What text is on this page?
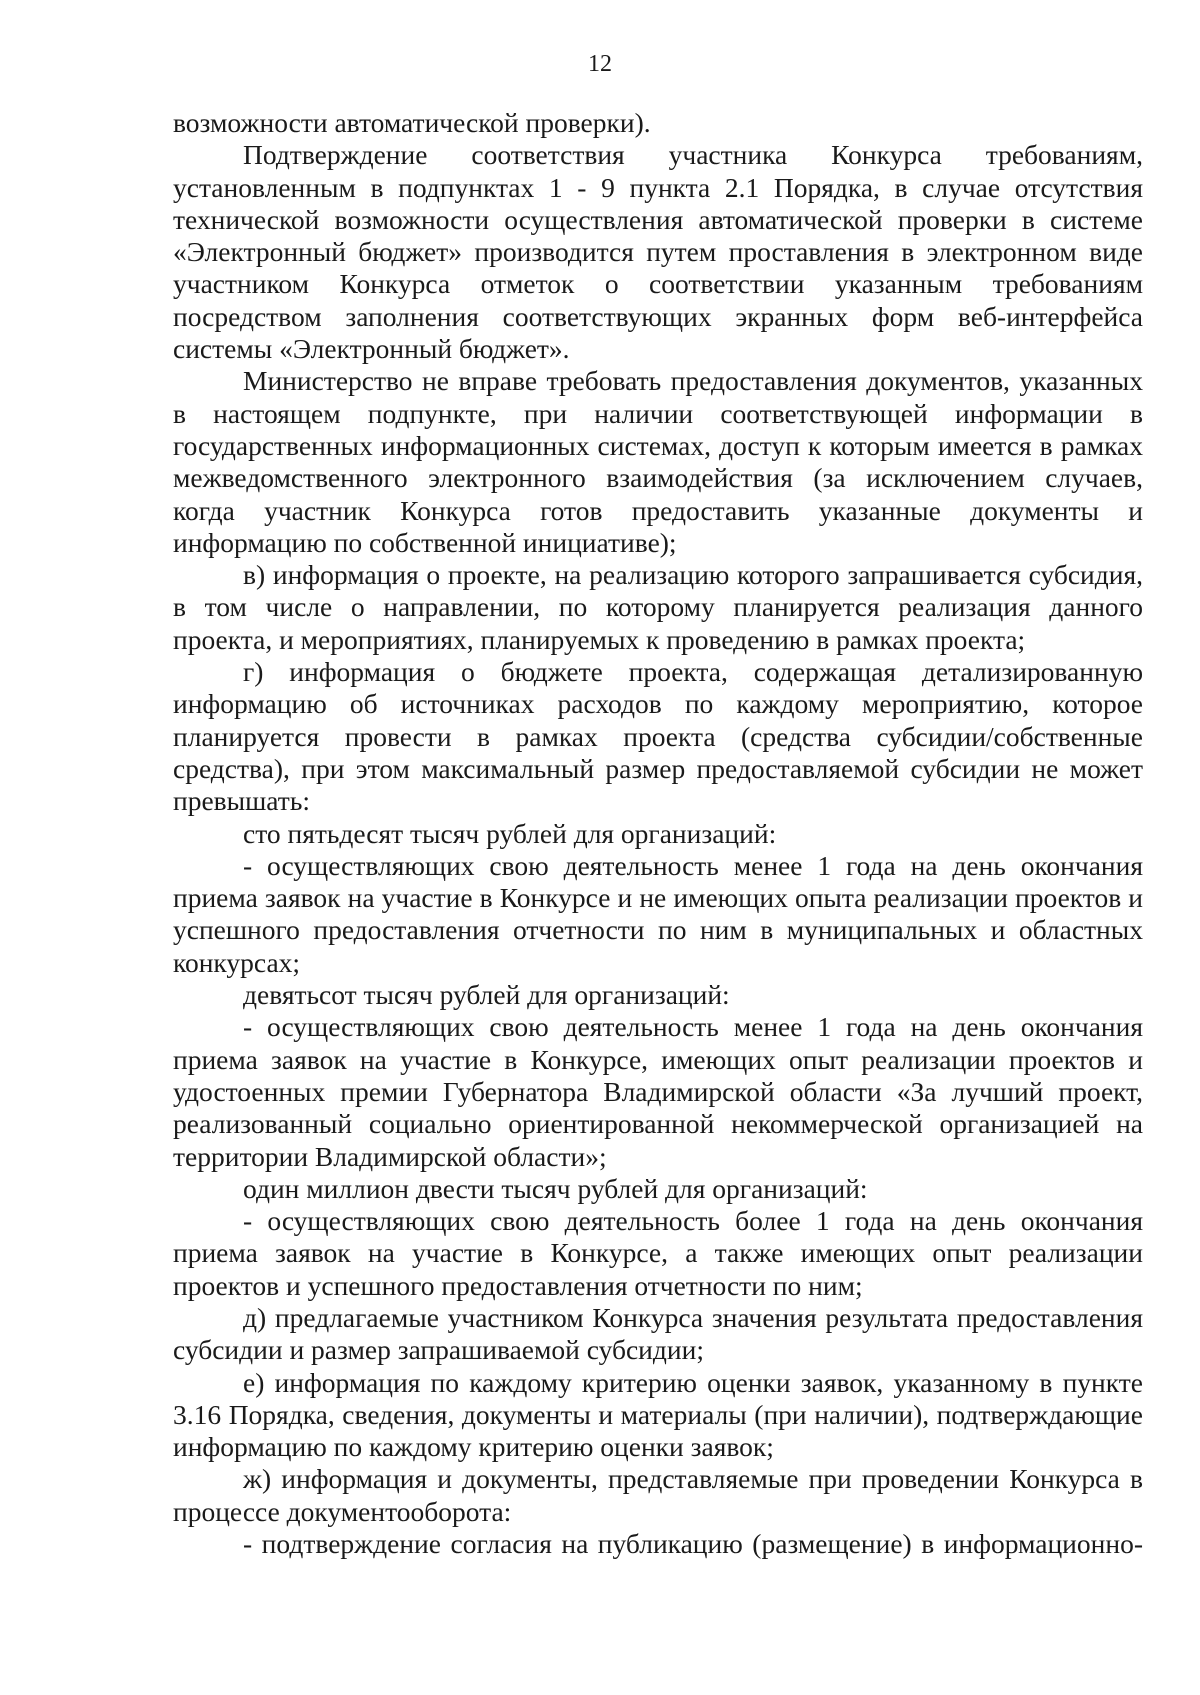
12

возможности автоматической проверки).

Подтверждение соответствия участника Конкурса требованиям, установленным в подпунктах 1 - 9 пункта 2.1 Порядка, в случае отсутствия технической возможности осуществления автоматической проверки в системе «Электронный бюджет» производится путем проставления в электронном виде участником Конкурса отметок о соответствии указанным требованиям посредством заполнения соответствующих экранных форм веб-интерфейса системы «Электронный бюджет».

Министерство не вправе требовать предоставления документов, указанных в настоящем подпункте, при наличии соответствующей информации в государственных информационных системах, доступ к которым имеется в рамках межведомственного электронного взаимодействия (за исключением случаев, когда участник Конкурса готов предоставить указанные документы и информацию по собственной инициативе);

в) информация о проекте, на реализацию которого запрашивается субсидия, в том числе о направлении, по которому планируется реализация данного проекта, и мероприятиях, планируемых к проведению в рамках проекта;

г) информация о бюджете проекта, содержащая детализированную информацию об источниках расходов по каждому мероприятию, которое планируется провести в рамках проекта (средства субсидии/собственные средства), при этом максимальный размер предоставляемой субсидии не может превышать:

сто пятьдесят тысяч рублей для организаций:

- осуществляющих свою деятельность менее 1 года на день окончания приема заявок на участие в Конкурсе и не имеющих опыта реализации проектов и успешного предоставления отчетности по ним в муниципальных и областных конкурсах;

девятьсот тысяч рублей для организаций:

- осуществляющих свою деятельность менее 1 года на день окончания приема заявок на участие в Конкурсе, имеющих опыт реализации проектов и удостоенных премии Губернатора Владимирской области «За лучший проект, реализованный социально ориентированной некоммерческой организацией на территории Владимирской области»;

один миллион двести тысяч рублей для организаций:

- осуществляющих свою деятельность более 1 года на день окончания приема заявок на участие в Конкурсе, а также имеющих опыт реализации проектов и успешного предоставления отчетности по ним;

д) предлагаемые участником Конкурса значения результата предоставления субсидии и размер запрашиваемой субсидии;

е) информация по каждому критерию оценки заявок, указанному в пункте 3.16 Порядка, сведения, документы и материалы (при наличии), подтверждающие информацию по каждому критерию оценки заявок;

ж) информация и документы, представляемые при проведении Конкурса в процессе документооборота:

- подтверждение согласия на публикацию (размещение) в информационно-
